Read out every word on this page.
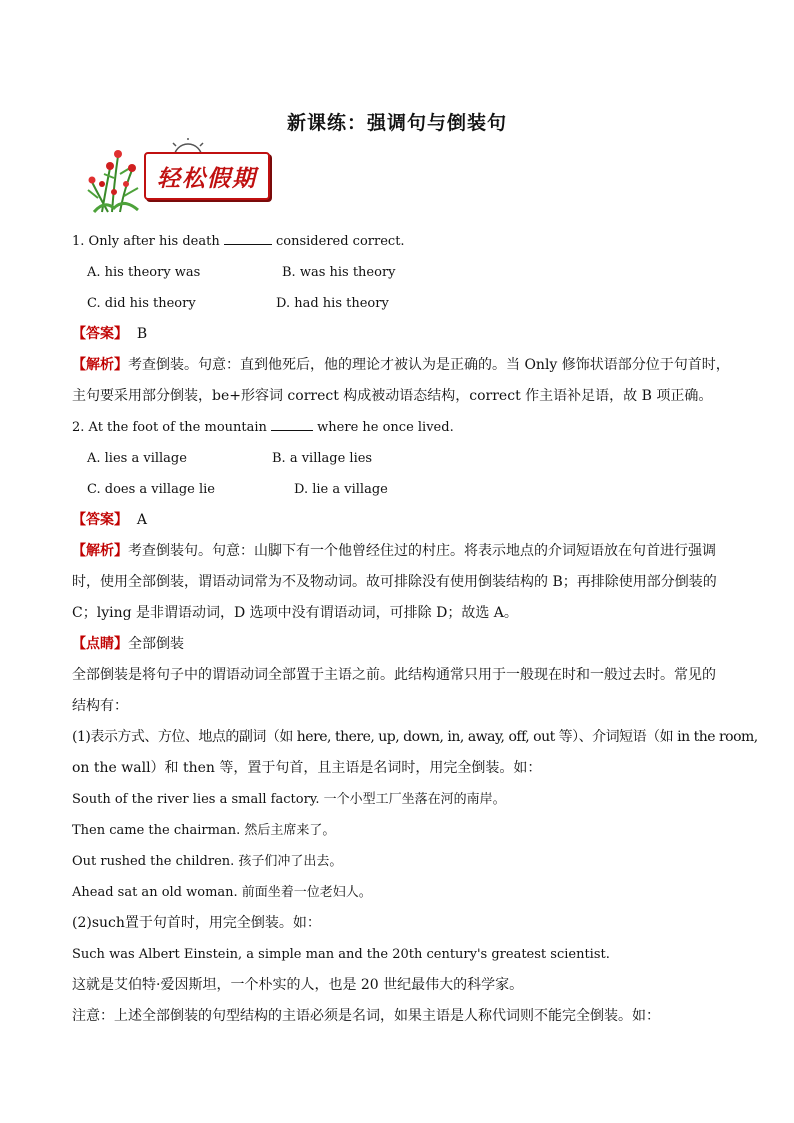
新课练：强调句与倒装句
轻松假期
1. Only after his death	considered correct.
A. his theory was	B. was his theory
C. did his theory	D. had his theory
【答案】 B
【解析】考查倒装。句意：直到他死后，他的理论才被认为是正确的。当 Only 修饰状语部分位于句首时，
主句要采用部分倒装，be+形容词 correct 构成被动语态结构，correct 作主语补足语，故 B 项正确。
2. At the foot of the mountain	where he once lived.
A. lies a village	B. a village lies
C. does a village lie	D. lie a village
【答案】 A
【解析】考查倒装句。句意：山脚下有一个他曾经住过的村庄。将表示地点的介词短语放在句首进行强调
时，使用全部倒装，谓语动词常为不及物动词。故可排除没有使用倒装结构的 B；再排除使用部分倒装的
C；lying 是非谓语动词，D 选项中没有谓语动词，可排除 D；故选 A。
【点睛】全部倒装
全部倒装是将句子中的谓语动词全部置于主语之前。此结构通常只用于一般现在时和一般过去时。常见的
结构有：
(1)表示方式、方位、地点的副词（如 here, there, up, down, in, away, off, out 等）、介词短语（如 in the room,
on the wall）和 then 等，置于句首，且主语是名词时，用完全倒装。如：
South of the river lies a small factory. 一个小型工厂坐落在河的南岸。
Then came the chairman. 然后主席来了。
Out rushed the children. 孩子们冲了出去。
Ahead sat an old woman. 前面坐着一位老妇人。
(2)such置于句首时，用完全倒装。如：
Such was Albert Einstein, a simple man and the 20th century's greatest scientist.
这就是艾伯特·爱因斯坦，一个朴实的人，也是 20 世纪最伟大的科学家。
注意：上述全部倒装的句型结构的主语必须是名词，如果主语是人称代词则不能完全倒装。如：
